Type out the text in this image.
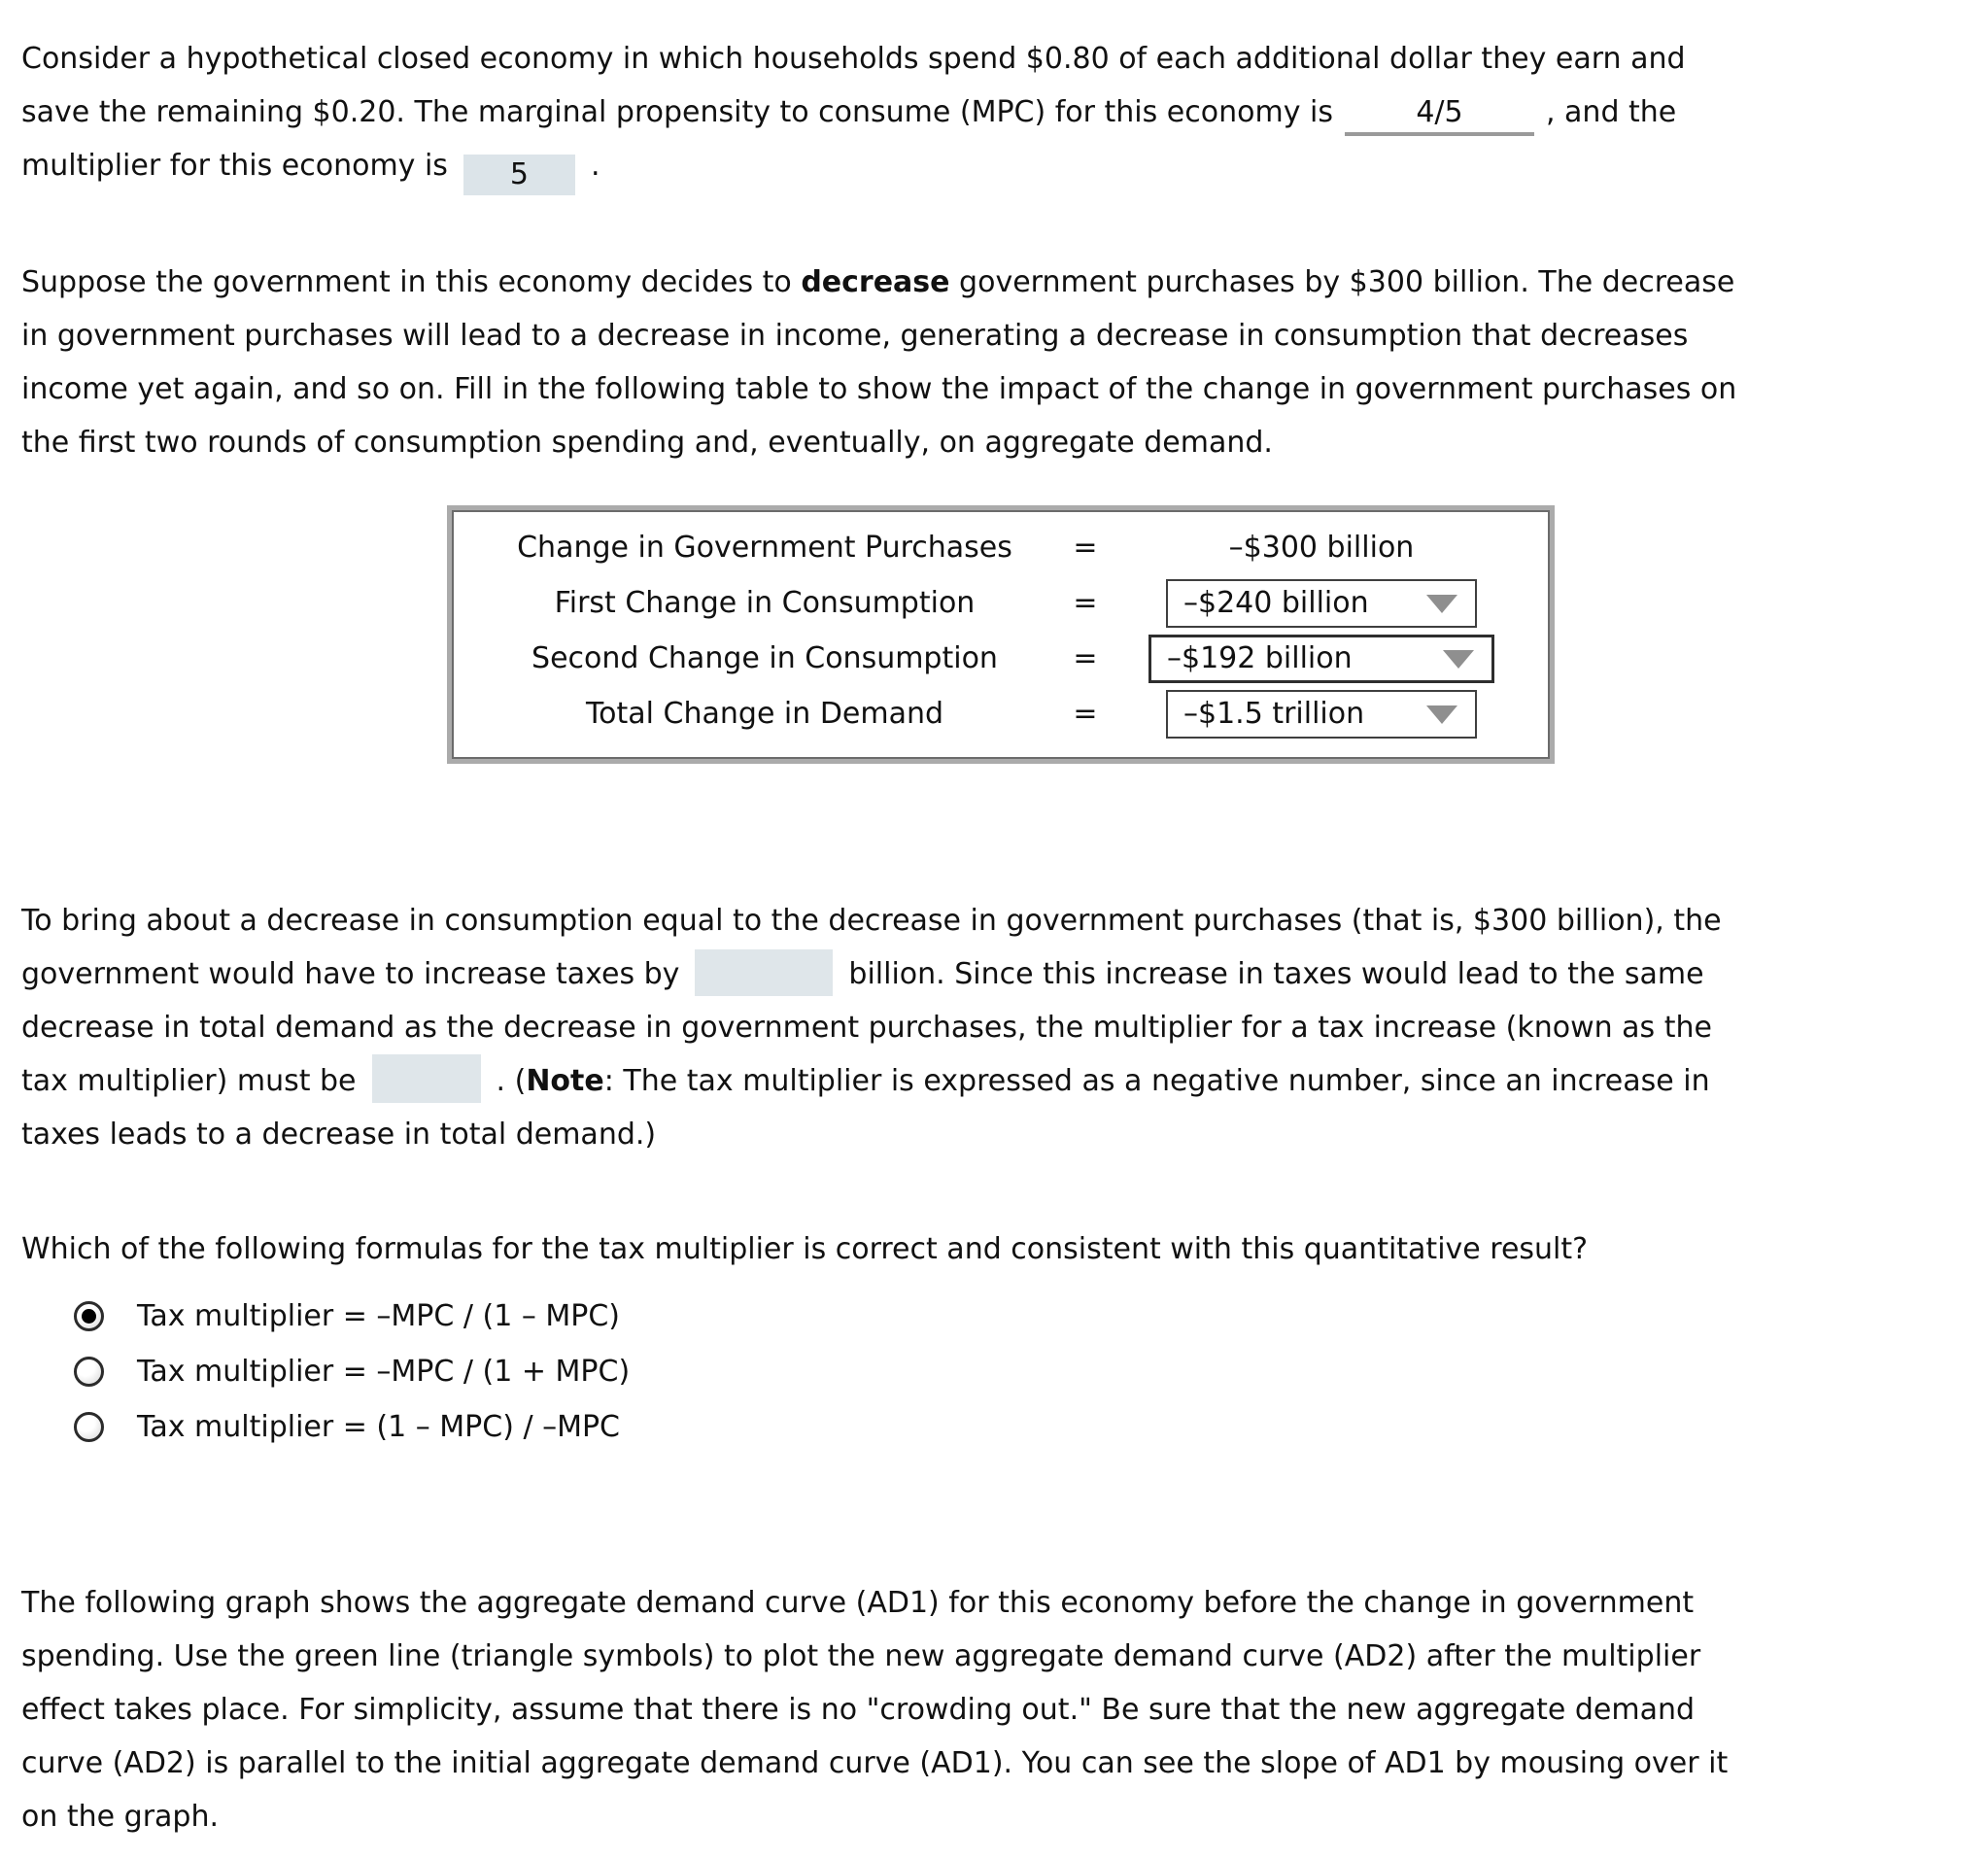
Consider a hypothetical closed economy in which households spend $0.80 of each additional dollar they earn and
save the remaining $0.20. The marginal propensity to consume (MPC) for this economy is	4/5	, and the
multiplier for this economy is 5 .
Suppose the government in this economy decides to decrease government purchases by $300 billion. The decrease
in government purchases will lead to a decrease in income, generating a decrease in consumption that decreases
income yet again, and so on. Fill in the following table to show the impact of the change in government purchases on
the first two rounds of consumption spending and, eventually, on aggregate demand.
Change in Government Purchases	=	–$300 billion
First Change in Consumption	=	–$240 billion
Second Change in Consumption	=	–$192 billion
Total Change in Demand	=	–$1.5 trillion
To bring about a decrease in consumption equal to the decrease in government purchases (that is, $300 billion), the
government would have to increase taxes by	billion. Since this increase in taxes would lead to the same
decrease in total demand as the decrease in government purchases, the multiplier for a tax increase (known as the
tax multiplier) must be	. (Note: The tax multiplier is expressed as a negative number, since an increase in
taxes leads to a decrease in total demand.)
Which of the following formulas for the tax multiplier is correct and consistent with this quantitative result?
Tax multiplier = –MPC / (1 – MPC)
Tax multiplier = –MPC / (1 + MPC)
Tax multiplier = (1 – MPC) / –MPC
The following graph shows the aggregate demand curve (AD1) for this economy before the change in government
spending. Use the green line (triangle symbols) to plot the new aggregate demand curve (AD2) after the multiplier
effect takes place. For simplicity, assume that there is no "crowding out." Be sure that the new aggregate demand
curve (AD2) is parallel to the initial aggregate demand curve (AD1). You can see the slope of AD1 by mousing over it
on the graph.
